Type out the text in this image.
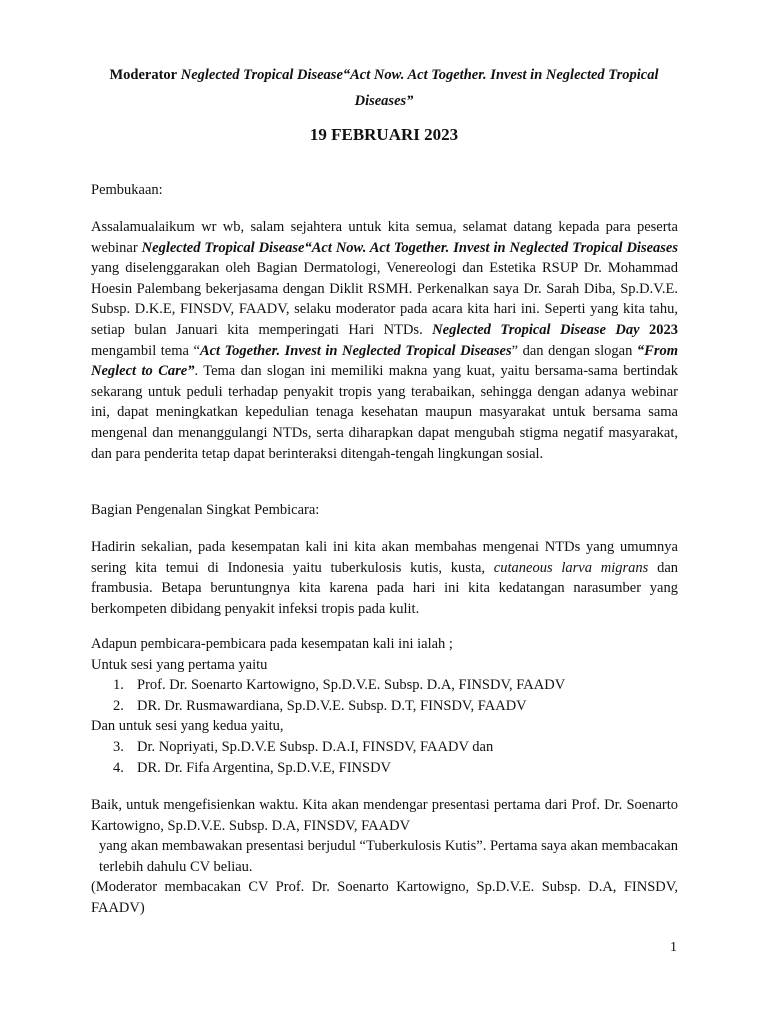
Moderator Neglected Tropical Disease“Act Now. Act Together. Invest in Neglected Tropical Diseases”
19 FEBRUARI 2023
Pembukaan:
Assalamualaikum wr wb, salam sejahtera untuk kita semua, selamat datang kepada para peserta webinar Neglected Tropical Disease“Act Now. Act Together. Invest in Neglected Tropical Diseases yang diselenggarakan oleh Bagian Dermatologi, Venereologi dan Estetika RSUP Dr. Mohammad Hoesin Palembang bekerjasama dengan Diklit RSMH. Perkenalkan saya Dr. Sarah Diba, Sp.D.V.E. Subsp. D.K.E, FINSDV, FAADV, selaku moderator pada acara kita hari ini. Seperti yang kita tahu, setiap bulan Januari kita memperingati Hari NTDs. Neglected Tropical Disease Day 2023 mengambil tema “Act Together. Invest in Neglected Tropical Diseases” dan dengan slogan “From Neglect to Care”. Tema dan slogan ini memiliki makna yang kuat, yaitu bersama-sama bertindak sekarang untuk peduli terhadap penyakit tropis yang terabaikan, sehingga dengan adanya webinar ini, dapat meningkatkan kepedulian tenaga kesehatan maupun masyarakat untuk bersama sama mengenal dan menanggulangi NTDs, serta diharapkan dapat mengubah stigma negatif masyarakat, dan para penderita tetap dapat berinteraksi ditengah-tengah lingkungan sosial.
Bagian Pengenalan Singkat Pembicara:
Hadirin sekalian, pada kesempatan kali ini kita akan membahas mengenai NTDs yang umumnya sering kita temui di Indonesia yaitu tuberkulosis kutis, kusta, cutaneous larva migrans dan frambusia. Betapa beruntungnya kita karena pada hari ini kita kedatangan narasumber yang berkompeten dibidang penyakit infeksi tropis pada kulit.
Adapun pembicara-pembicara pada kesempatan kali ini ialah ;
Untuk sesi yang pertama yaitu
1. Prof. Dr. Soenarto Kartowigno, Sp.D.V.E. Subsp. D.A, FINSDV, FAADV
2. DR. Dr. Rusmawardiana, Sp.D.V.E. Subsp. D.T, FINSDV, FAADV
Dan untuk sesi yang kedua yaitu,
3. Dr. Nopriyati, Sp.D.V.E Subsp. D.A.I, FINSDV, FAADV dan
4. DR. Dr. Fifa Argentina, Sp.D.V.E, FINSDV
Baik, untuk mengefisienkan waktu. Kita akan mendengar presentasi pertama dari Prof. Dr. Soenarto Kartowigno, Sp.D.V.E. Subsp. D.A, FINSDV, FAADV
yang akan membawakan presentasi berjudul “Tuberkulosis Kutis”. Pertama saya akan membacakan terlebih dahulu CV beliau.
(Moderator membacakan CV Prof. Dr. Soenarto Kartowigno, Sp.D.V.E. Subsp. D.A, FINSDV, FAADV)
1
